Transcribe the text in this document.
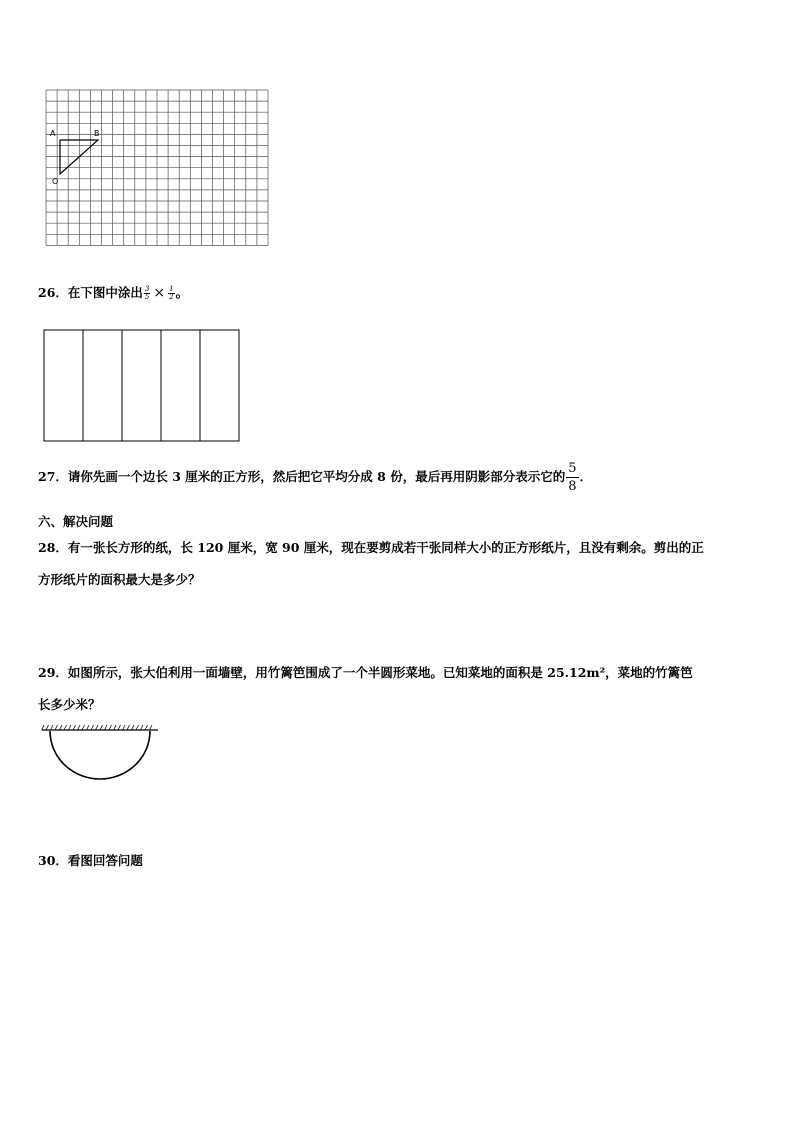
A	B
O
26．在下图中涂出 $\frac{3}{5} \times \frac{1}{2}$ 。
27．请你先画一个边长 3 厘米的正方形，然后把它平均分成 8 份，最后再用阴影部分表示它的 $\frac{5}{8}$ ．
六、解决问题
28．有一张长方形的纸，长 120 厘米，宽 90 厘米，现在要剪成若干张同样大小的正方形纸片，且没有剩余。剪出的正
方形纸片的面积最大是多少？
29．如图所示，张大伯利用一面墙壁，用竹篱笆围成了一个半圆形菜地。已知菜地的面积是 25.12m²，菜地的竹篱笆
长多少米？
30．看图回答问题
